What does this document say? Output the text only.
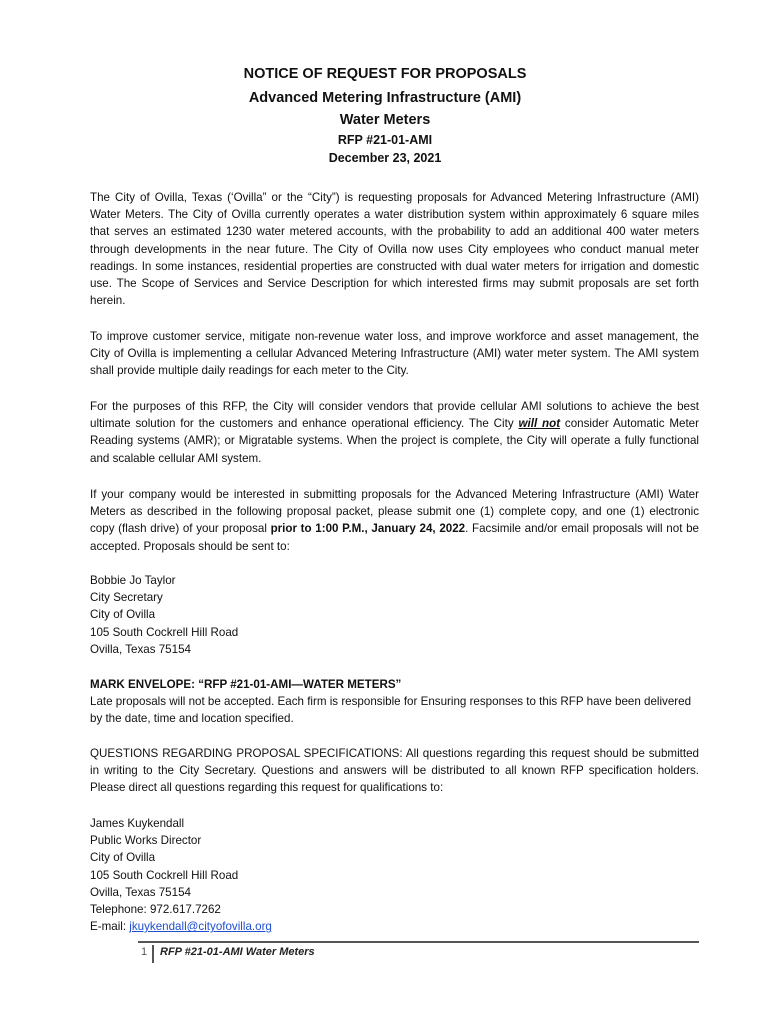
NOTICE OF REQUEST FOR PROPOSALS
Advanced Metering Infrastructure (AMI)
Water Meters
RFP #21-01-AMI
December 23, 2021

The City of Ovilla, Texas (‘Ovilla” or the “City”) is requesting proposals for Advanced Metering Infrastructure (AMI) Water Meters. The City of Ovilla currently operates a water distribution system within approximately 6 square miles that serves an estimated 1230 water metered accounts, with the probability to add an additional 400 water meters through developments in the near future. The City of Ovilla now uses City employees who conduct manual meter readings. In some instances, residential properties are constructed with dual water meters for irrigation and domestic use. The Scope of Services and Service Description for which interested firms may submit proposals are set forth herein.

To improve customer service, mitigate non-revenue water loss, and improve workforce and asset management, the City of Ovilla is implementing a cellular Advanced Metering Infrastructure (AMI) water meter system. The AMI system shall provide multiple daily readings for each meter to the City.

For the purposes of this RFP, the City will consider vendors that provide cellular AMI solutions to achieve the best ultimate solution for the customers and enhance operational efficiency. The City will not consider Automatic Meter Reading systems (AMR); or Migratable systems. When the project is complete, the City will operate a fully functional and scalable cellular AMI system.

If your company would be interested in submitting proposals for the Advanced Metering Infrastructure (AMI) Water Meters as described in the following proposal packet, please submit one (1) complete copy, and one (1) electronic copy (flash drive) of your proposal prior to 1:00 P.M., January 24, 2022. Facsimile and/or email proposals will not be accepted. Proposals should be sent to:

Bobbie Jo Taylor
City Secretary
City of Ovilla
105 South Cockrell Hill Road
Ovilla, Texas 75154
MARK ENVELOPE: “RFP #21-01-AMI—WATER METERS”

Late proposals will not be accepted. Each firm is responsible for Ensuring responses to this RFP have been delivered by the date, time and location specified.

QUESTIONS REGARDING PROPOSAL SPECIFICATIONS: All questions regarding this request should be submitted in writing to the City Secretary. Questions and answers will be distributed to all known RFP specification holders. Please direct all questions regarding this request for qualifications to:

James Kuykendall
Public Works Director
City of Ovilla
105 South Cockrell Hill Road
Ovilla, Texas 75154
Telephone: 972.617.7262
E-mail: jkuykendall@cityofovilla.org
1 RFP #21-01-AMI Water Meters
